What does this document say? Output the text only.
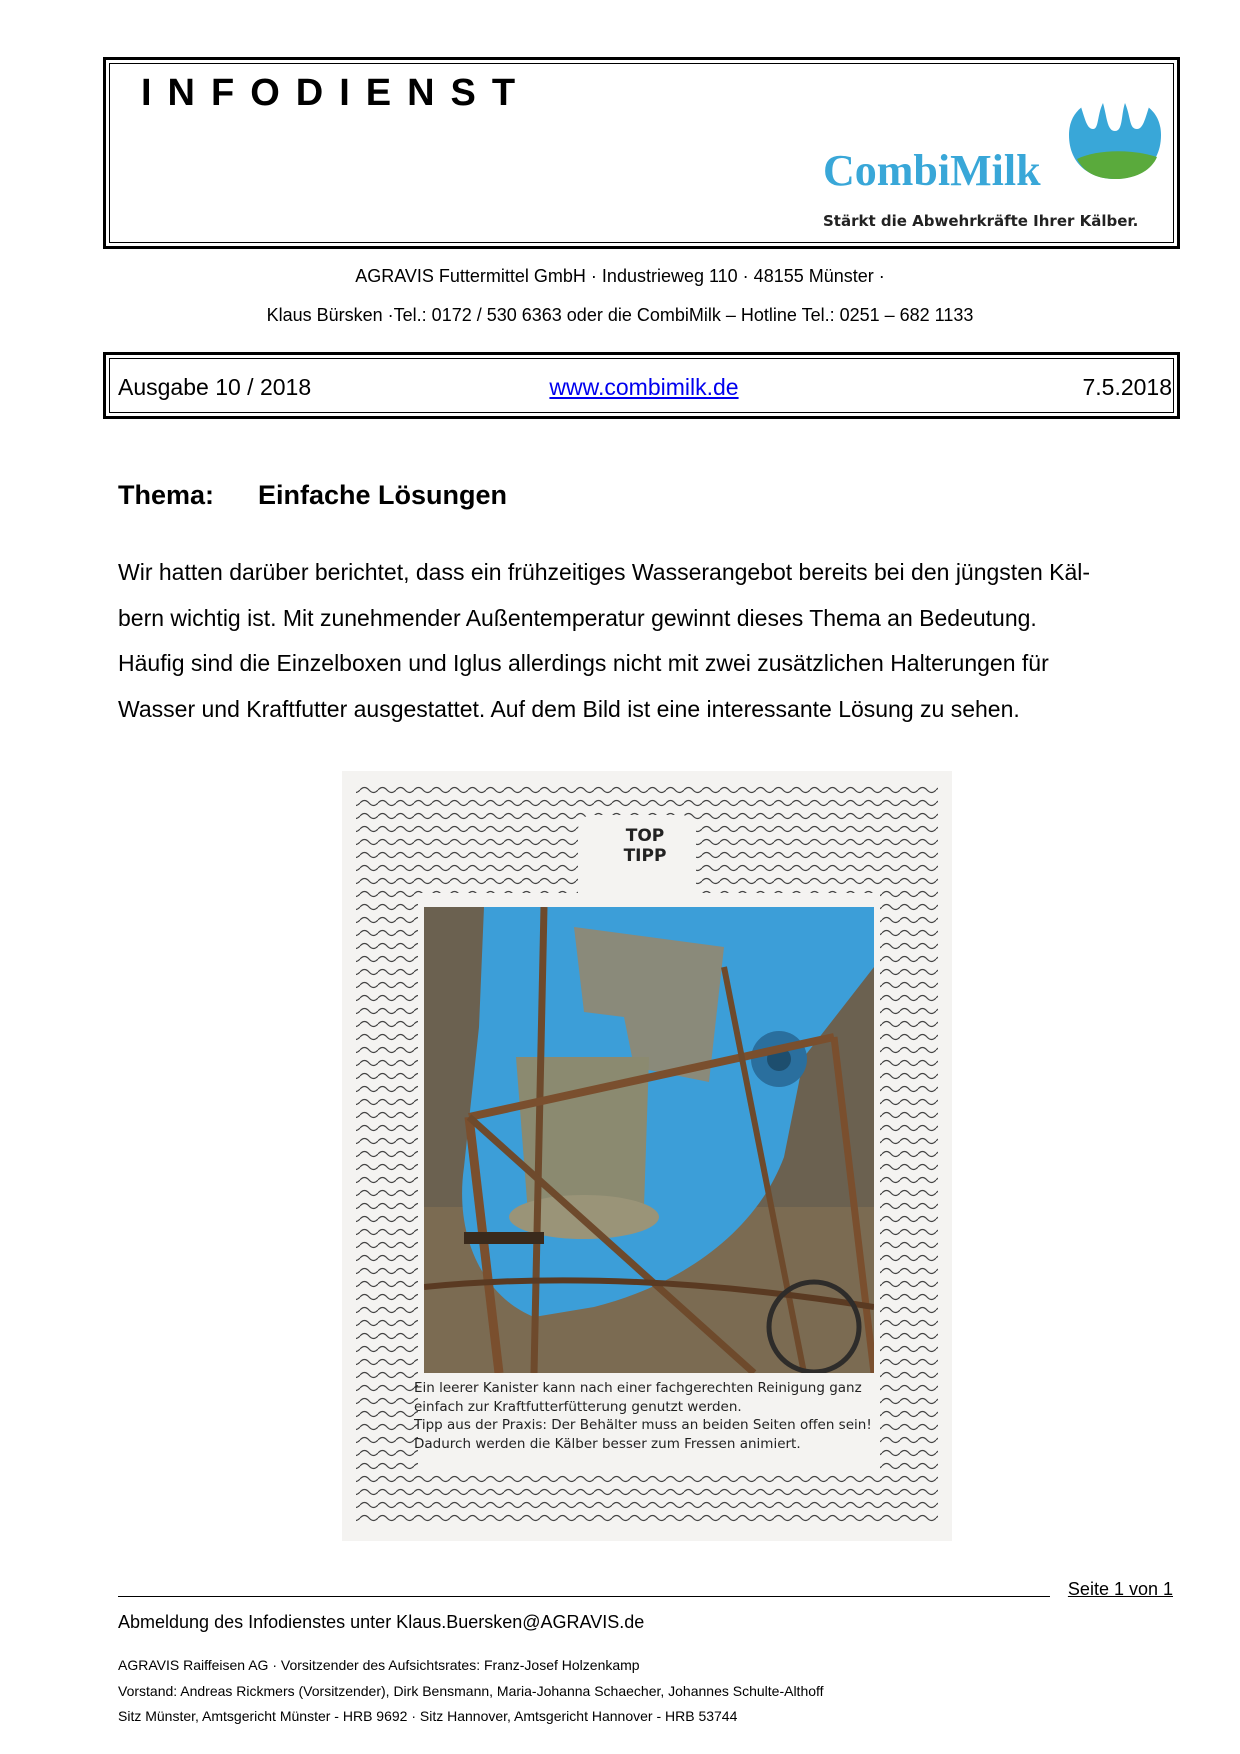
INFODIENST
CombiMilk
Stärkt die Abwehrkräfte Ihrer Kälber.
AGRAVIS Futtermittel GmbH · Industrieweg 110 · 48155 Münster ·
Klaus Bürsken ·Tel.: 0172 / 530 6363 oder die CombiMilk – Hotline Tel.: 0251 – 682 1133
Ausgabe 10 / 2018	www.combimilk.de	7.5.2018
Thema: Einfache Lösungen
Wir hatten darüber berichtet, dass ein frühzeitiges Wasserangebot bereits bei den jüngsten Käl-
bern wichtig ist. Mit zunehmender Außentemperatur gewinnt dieses Thema an Bedeutung.
Häufig sind die Einzelboxen und Iglus allerdings nicht mit zwei zusätzlichen Halterungen für
Wasser und Kraftfutter ausgestattet. Auf dem Bild ist eine interessante Lösung zu sehen.
TOP
TIPP
Ein leerer Kanister kann nach einer fachgerechten Reinigung ganz
einfach zur Kraftfutterfütterung genutzt werden.
Tipp aus der Praxis: Der Behälter muss an beiden Seiten offen sein!
Dadurch werden die Kälber besser zum Fressen animiert.
Seite 1 von 1
Abmeldung des Infodienstes unter Klaus.Buersken@AGRAVIS.de
AGRAVIS Raiffeisen AG · Vorsitzender des Aufsichtsrates: Franz-Josef Holzenkamp
Vorstand: Andreas Rickmers (Vorsitzender), Dirk Bensmann, Maria-Johanna Schaecher, Johannes Schulte-Althoff
Sitz Münster, Amtsgericht Münster - HRB 9692 · Sitz Hannover, Amtsgericht Hannover - HRB 53744
